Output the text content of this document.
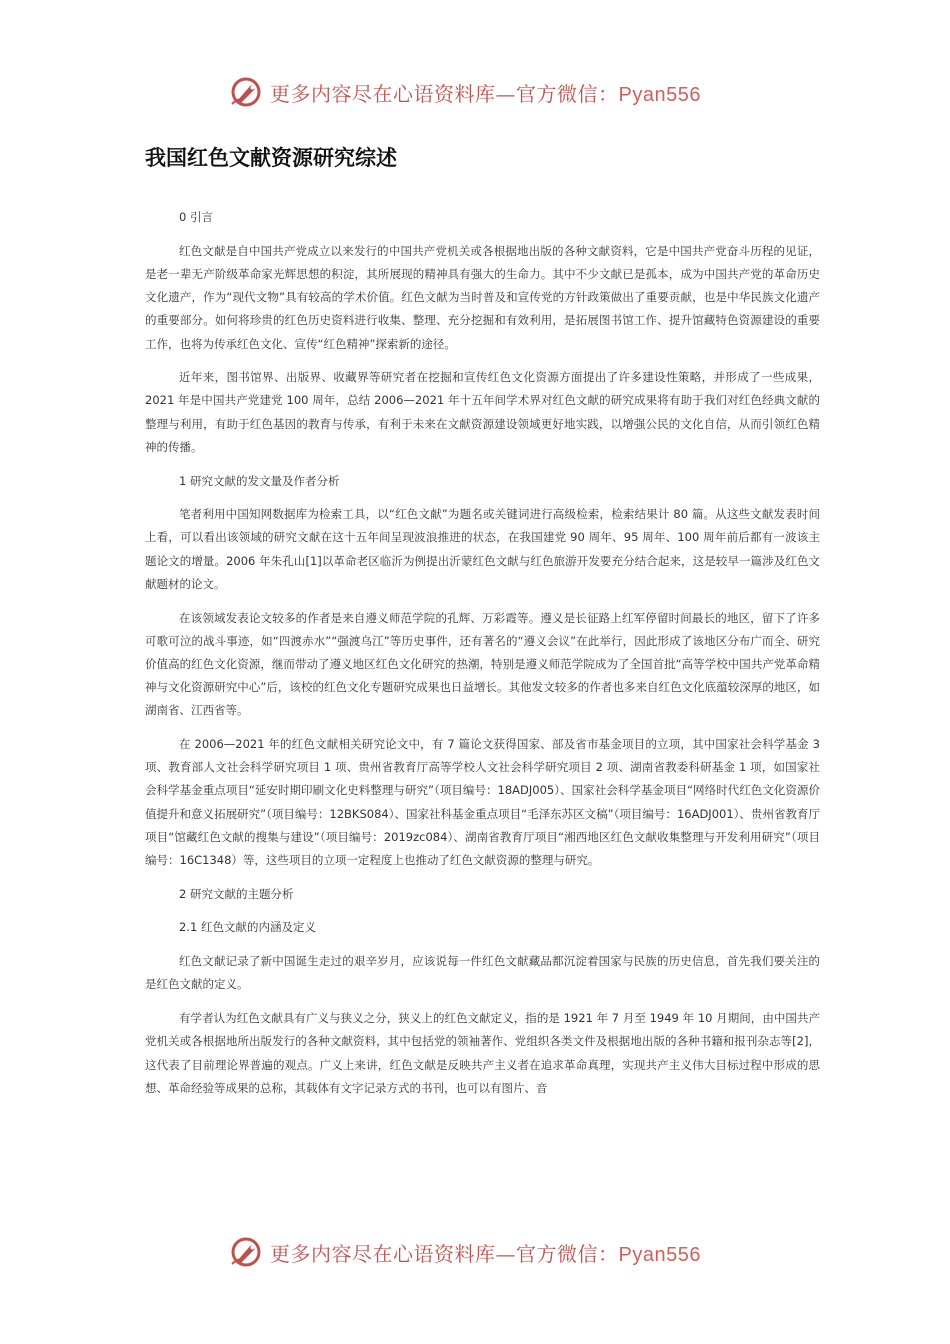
更多内容尽在心语资料库—官方微信：Pyan556
我国红色文献资源研究综述

0 引言

红色文献是自中国共产党成立以来发行的中国共产党机关或各根据地出版的各种文献资料，它是中国共产党奋斗历程的见证，是老一辈无产阶级革命家光辉思想的积淀，其所展现的精神具有强大的生命力。其中不少文献已是孤本，成为中国共产党的革命历史文化遗产，作为“现代文物”具有较高的学术价值。红色文献为当时普及和宣传党的方针政策做出了重要贡献，也是中华民族文化遗产的重要部分。如何将珍贵的红色历史资料进行收集、整理、充分挖掘和有效利用，是拓展图书馆工作、提升馆藏特色资源建设的重要工作，也将为传承红色文化、宣传“红色精神”探索新的途径。

近年来，图书馆界、出版界、收藏界等研究者在挖掘和宣传红色文化资源方面提出了许多建设性策略，并形成了一些成果，2021 年是中国共产党建党 100 周年，总结 2006—2021 年十五年间学术界对红色文献的研究成果将有助于我们对红色经典文献的整理与利用，有助于红色基因的教育与传承，有利于未来在文献资源建设领域更好地实践，以增强公民的文化自信，从而引领红色精神的传播。

1 研究文献的发文量及作者分析

笔者利用中国知网数据库为检索工具，以“红色文献”为题名或关键词进行高级检索，检索结果计 80 篇。从这些文献发表时间上看，可以看出该领域的研究文献在这十五年间呈现波浪推进的状态，在我国建党 90 周年、95 周年、100 周年前后都有一波该主题论文的增量。2006 年朱孔山[1]以革命老区临沂为例提出沂蒙红色文献与红色旅游开发要充分结合起来，这是较早一篇涉及红色文献题材的论文。

在该领域发表论文较多的作者是来自遵义师范学院的孔辉、万彩霞等。遵义是长征路上红军停留时间最长的地区，留下了许多可歌可泣的战斗事迹，如“四渡赤水”“强渡乌江”等历史事件，还有著名的“遵义会议”在此举行，因此形成了该地区分布广而全、研究价值高的红色文化资源，继而带动了遵义地区红色文化研究的热潮，特别是遵义师范学院成为了全国首批“高等学校中国共产党革命精神与文化资源研究中心”后，该校的红色文化专题研究成果也日益增长。其他发文较多的作者也多来自红色文化底蕴较深厚的地区，如湖南省、江西省等。

在 2006—2021 年的红色文献相关研究论文中，有 7 篇论文获得国家、部及省市基金项目的立项，其中国家社会科学基金 3 项、教育部人文社会科学研究项目 1 项、贵州省教育厅高等学校人文社会科学研究项目 2 项、湖南省教委科研基金 1 项，如国家社会科学基金重点项目“延安时期印刷文化史料整理与研究”（项目编号：18ADJ005）、国家社会科学基金项目“网络时代红色文化资源价值提升和意义拓展研究”（项目编号：12BKS084）、国家社科基金重点项目“毛泽东苏区文稿”（项目编号：16ADJ001）、贵州省教育厅项目“馆藏红色文献的搜集与建设”（项目编号：2019zc084）、湖南省教育厅项目“湘西地区红色文献收集整理与开发利用研究”（项目编号：16C1348）等，这些项目的立项一定程度上也推动了红色文献资源的整理与研究。

2 研究文献的主题分析

2.1 红色文献的内涵及定义

红色文献记录了新中国诞生走过的艰辛岁月，应该说每一件红色文献藏品都沉淀着国家与民族的历史信息，首先我们要关注的是红色文献的定义。

有学者认为红色文献具有广义与狭义之分，狭义上的红色文献定义，指的是 1921 年 7 月至 1949 年 10 月期间，由中国共产党机关或各根据地所出版发行的各种文献资料，其中包括党的领袖著作、党组织各类文件及根据地出版的各种书籍和报刊杂志等[2]，这代表了目前理论界普遍的观点。广义上来讲，红色文献是反映共产主义者在追求革命真理，实现共产主义伟大目标过程中形成的思想、革命经验等成果的总称，其载体有文字记录方式的书刊，也可以有图片、音

更多内容尽在心语资料库—官方微信：Pyan556
